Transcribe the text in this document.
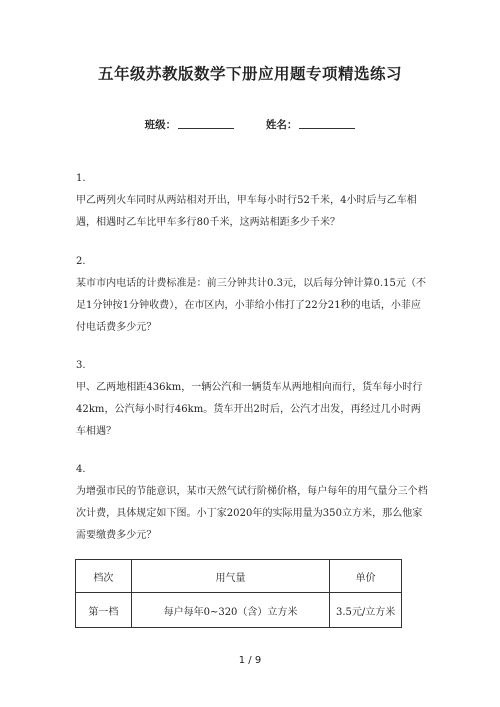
五年级苏教版数学下册应用题专项精选练习
班级：	姓名：
1.
甲乙两列火车同时从两站相对开出，甲车每小时行52千米，4小时后与乙车相遇，相遇时乙车比甲车多行80千米，这两站相距多少千米？
2.
某市市内电话的计费标准是：前三分钟共计0.3元，以后每分钟计算0.15元（不足1分钟按1分钟收费），在市区内，小菲给小伟打了22分21秒的电话，小菲应付电话费多少元？
3.
甲、乙两地相距436km，一辆公汽和一辆货车从两地相向而行，货车每小时行42km，公汽每小时行46km。货车开出2时后，公汽才出发，再经过几小时两车相遇？
4.
为增强市民的节能意识，某市天然气试行阶梯价格，每户每年的用气量分三个档次计费，具体规定如下图。小丁家2020年的实际用量为350立方米，那么他家需要缴费多少元？
档次	用气量	单价
第一档	每户每年0~320（含）立方米	3.5元/立方米
1 / 9
